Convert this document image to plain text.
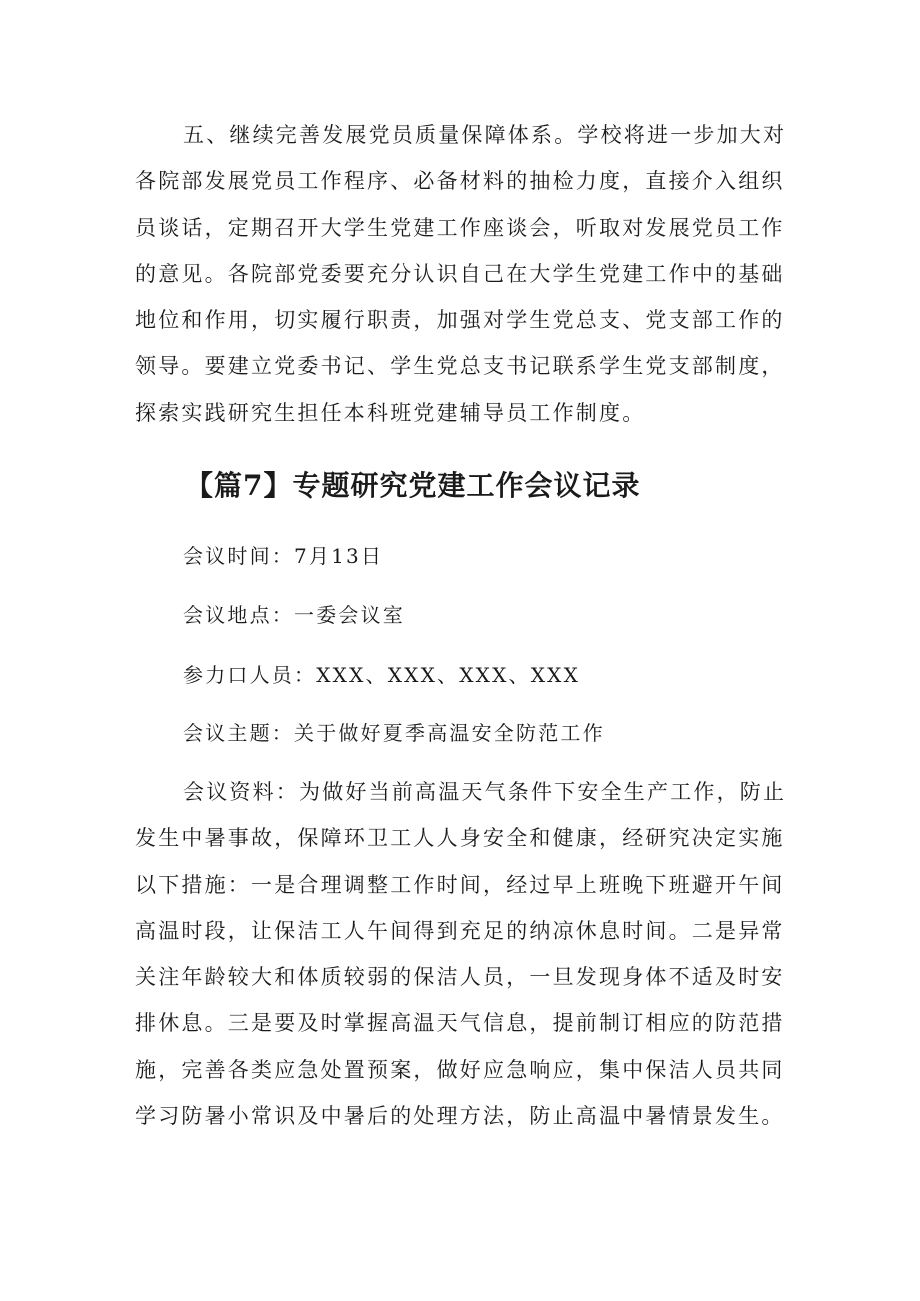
五、继续完善发展党员质量保障体系。学校将进一步加大对各院部发展党员工作程序、必备材料的抽检力度，直接介入组织员谈话，定期召开大学生党建工作座谈会，听取对发展党员工作的意见。各院部党委要充分认识自己在大学生党建工作中的基础地位和作用，切实履行职责，加强对学生党总支、党支部工作的领导。要建立党委书记、学生党总支书记联系学生党支部制度，探索实践研究生担任本科班党建辅导员工作制度。

【篇7】专题研究党建工作会议记录

会议时间：7月13日

会议地点：一委会议室

参力口人员：XXX、XXX、XXX、XXX

会议主题：关于做好夏季高温安全防范工作

会议资料：为做好当前高温天气条件下安全生产工作，防止发生中暑事故，保障环卫工人人身安全和健康，经研究决定实施以下措施：一是合理调整工作时间，经过早上班晚下班避开午间高温时段，让保洁工人午间得到充足的纳凉休息时间。二是异常关注年龄较大和体质较弱的保洁人员，一旦发现身体不适及时安排休息。三是要及时掌握高温天气信息，提前制订相应的防范措施，完善各类应急处置预案，做好应急响应，集中保洁人员共同学习防暑小常识及中暑后的处理方法，防止高温中暑情景发生。
